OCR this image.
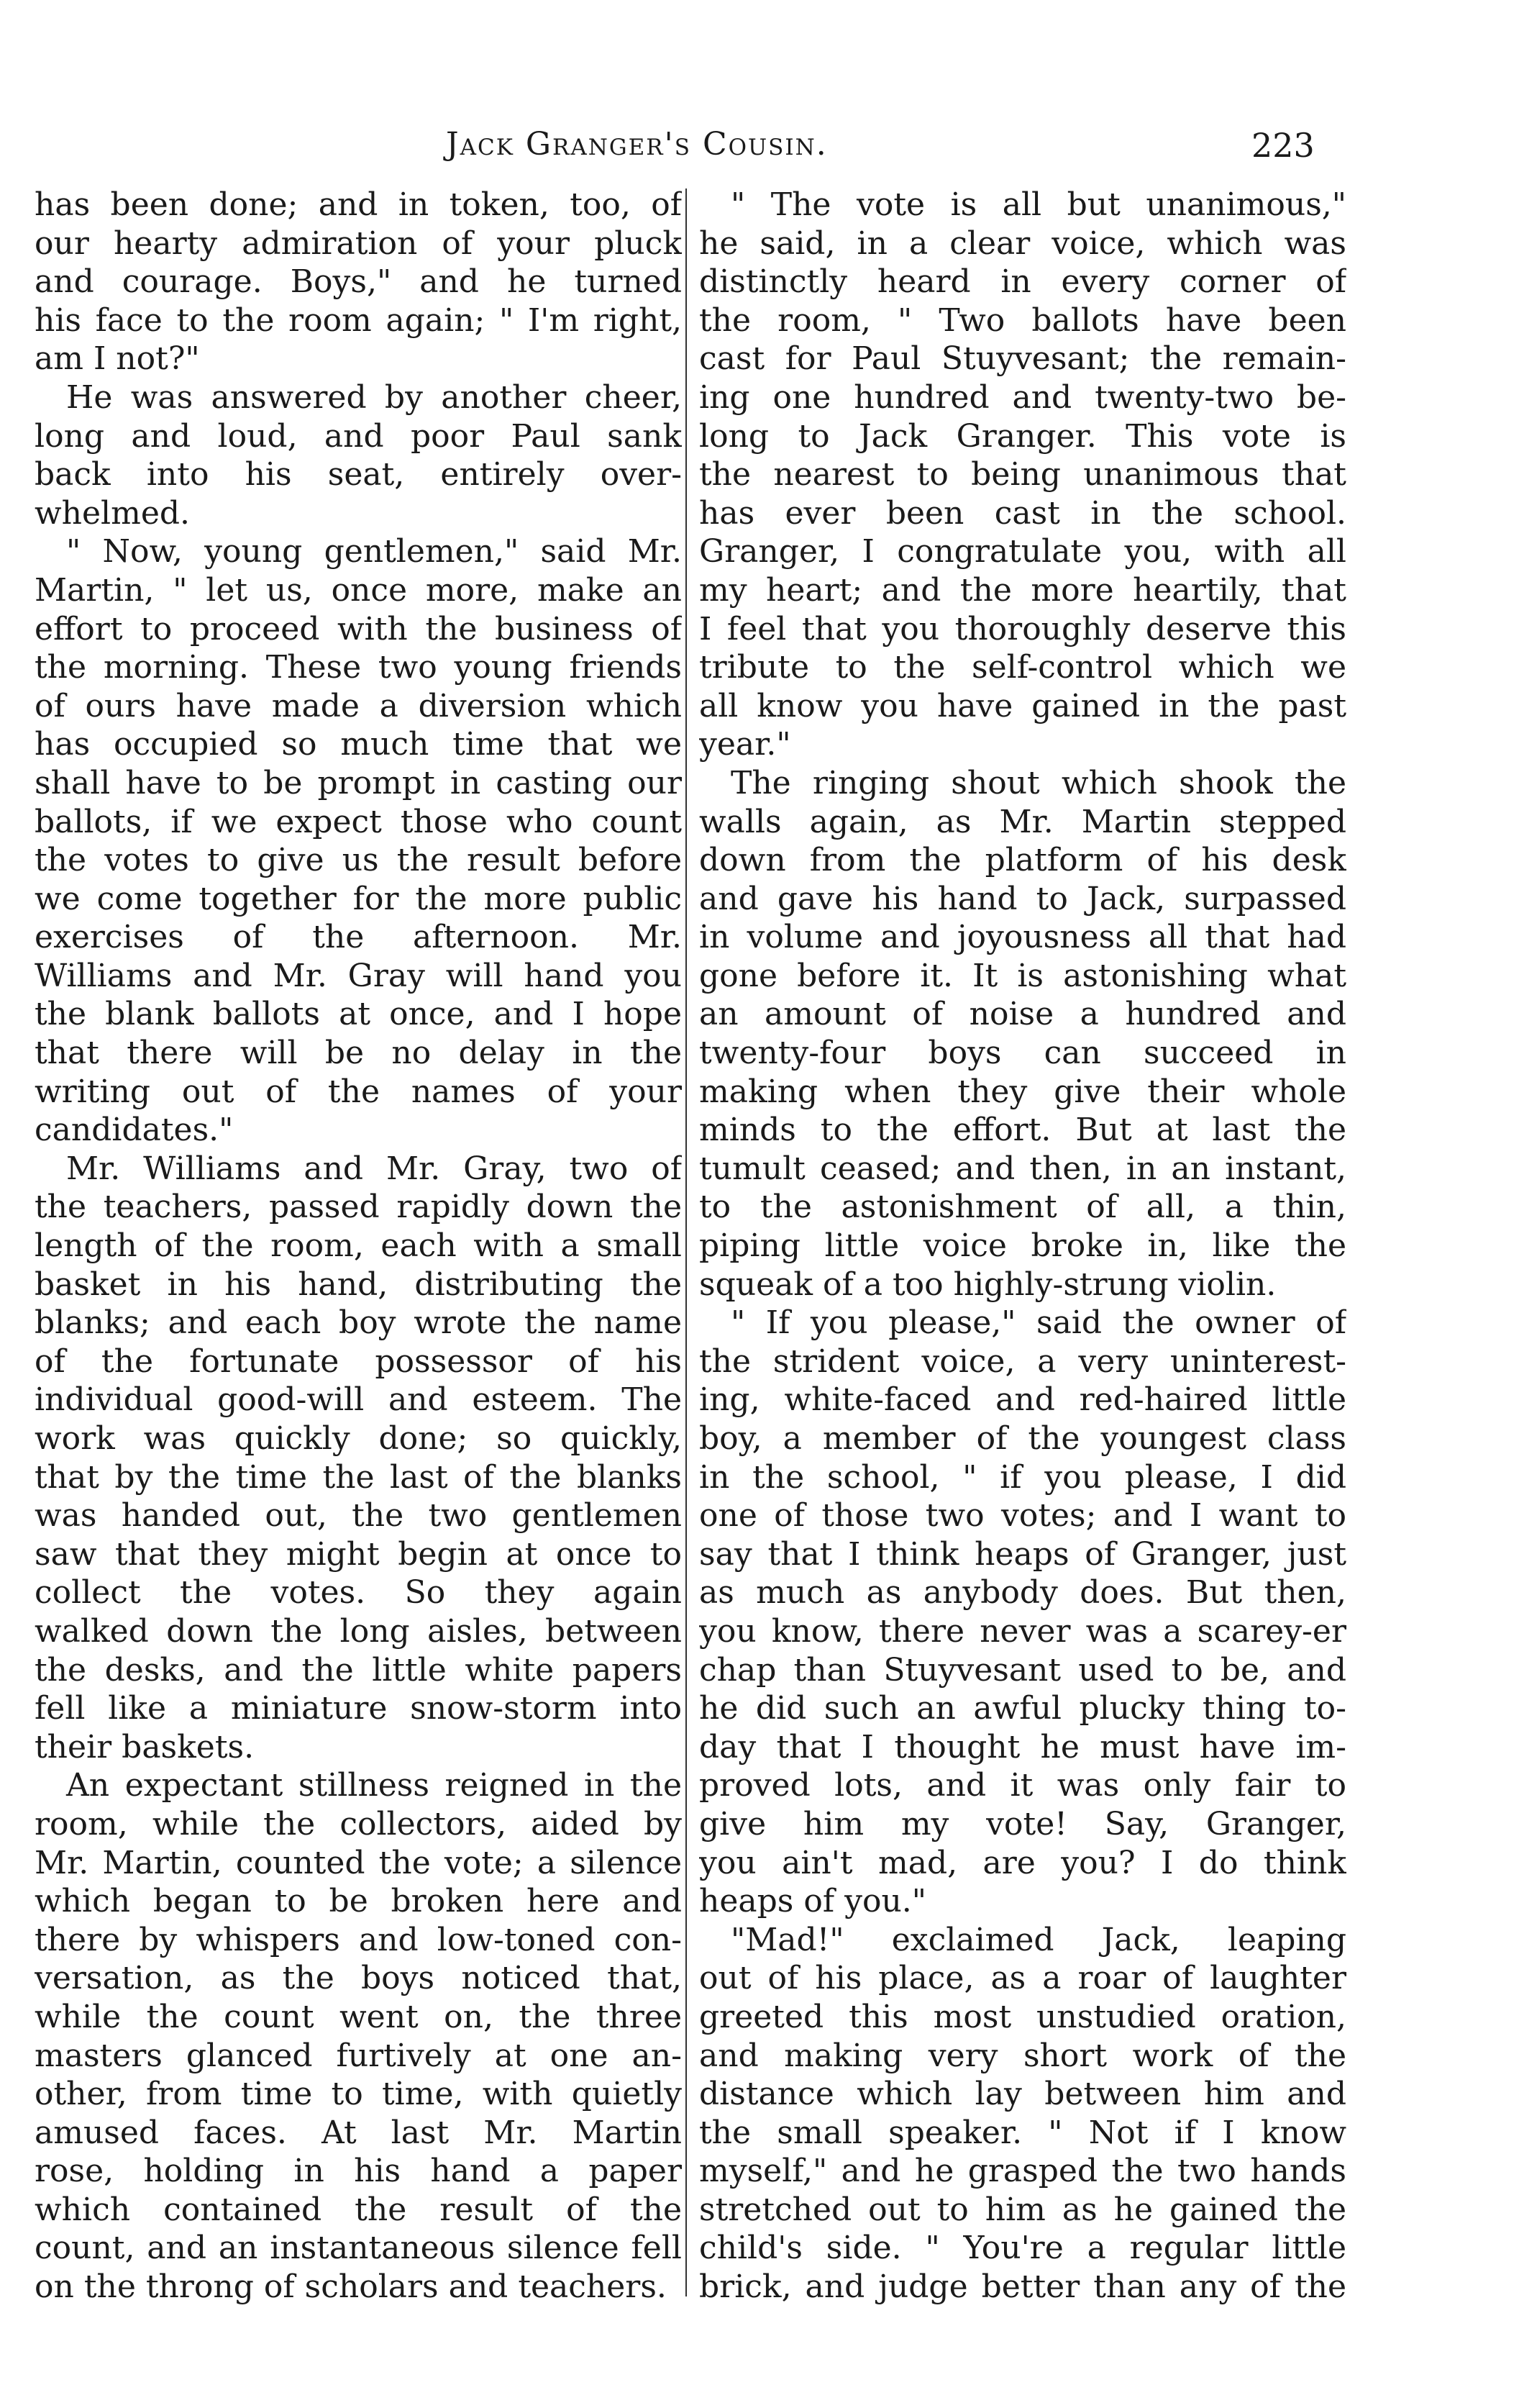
Jack Granger's Cousin.	223
has been done; and in token, too, of
our hearty admiration of your pluck
and courage. Boys," and he turned
his face to the room again; " I'm right,
am I not?"
He was answered by another cheer,
long and loud, and poor Paul sank
back into his seat, entirely over-
whelmed.
" Now, young gentlemen," said Mr.
Martin, " let us, once more, make an
effort to proceed with the business of
the morning. These two young friends
of ours have made a diversion which
has occupied so much time that we
shall have to be prompt in casting our
ballots, if we expect those who count
the votes to give us the result before
we come together for the more public
exercises of the afternoon. Mr.
Williams and Mr. Gray will hand you
the blank ballots at once, and I hope
that there will be no delay in the
writing out of the names of your
candidates."
Mr. Williams and Mr. Gray, two of
the teachers, passed rapidly down the
length of the room, each with a small
basket in his hand, distributing the
blanks; and each boy wrote the name
of the fortunate possessor of his
individual good-will and esteem. The
work was quickly done; so quickly,
that by the time the last of the blanks
was handed out, the two gentlemen
saw that they might begin at once to
collect the votes. So they again
walked down the long aisles, between
the desks, and the little white papers
fell like a miniature snow-storm into
their baskets.
An expectant stillness reigned in the
room, while the collectors, aided by
Mr. Martin, counted the vote; a silence
which began to be broken here and
there by whispers and low-toned con-
versation, as the boys noticed that,
while the count went on, the three
masters glanced furtively at one an-
other, from time to time, with quietly
amused faces. At last Mr. Martin
rose, holding in his hand a paper
which contained the result of the
count, and an instantaneous silence fell
on the throng of scholars and teachers.
" The vote is all but unanimous,"
he said, in a clear voice, which was
distinctly heard in every corner of
the room, " Two ballots have been
cast for Paul Stuyvesant; the remain-
ing one hundred and twenty-two be-
long to Jack Granger. This vote is
the nearest to being unanimous that
has ever been cast in the school.
Granger, I congratulate you, with all
my heart; and the more heartily, that
I feel that you thoroughly deserve this
tribute to the self-control which we
all know you have gained in the past
year."
The ringing shout which shook the
walls again, as Mr. Martin stepped
down from the platform of his desk
and gave his hand to Jack, surpassed
in volume and joyousness all that had
gone before it. It is astonishing what
an amount of noise a hundred and
twenty-four boys can succeed in
making when they give their whole
minds to the effort. But at last the
tumult ceased; and then, in an instant,
to the astonishment of all, a thin,
piping little voice broke in, like the
squeak of a too highly-strung violin.
" If you please," said the owner of
the strident voice, a very uninterest-
ing, white-faced and red-haired little
boy, a member of the youngest class
in the school, " if you please, I did
one of those two votes; and I want to
say that I think heaps of Granger, just
as much as anybody does. But then,
you know, there never was a scarey-er
chap than Stuyvesant used to be, and
he did such an awful plucky thing to-
day that I thought he must have im-
proved lots, and it was only fair to
give him my vote! Say, Granger,
you ain't mad, are you? I do think
heaps of you."
"Mad!" exclaimed Jack, leaping
out of his place, as a roar of laughter
greeted this most unstudied oration,
and making very short work of the
distance which lay between him and
the small speaker. " Not if I know
myself," and he grasped the two hands
stretched out to him as he gained the
child's side. " You're a regular little
brick, and judge better than any of the
